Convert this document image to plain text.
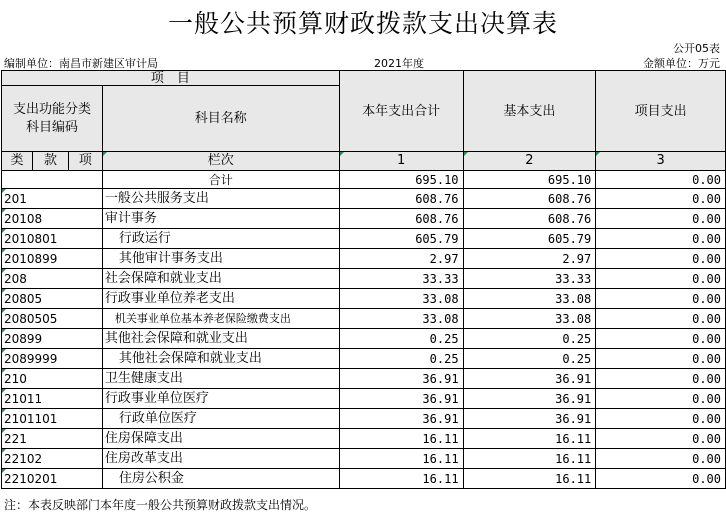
一般公共预算财政拨款支出决算表
公开05表
编制单位：南昌市新建区审计局	2021年度	金额单位：万元
项　目				本年支出合计	基本支出	项目支出
支出功能分类
科目编码			科目名称			
类	款	项				
			栏次	1	2	3
			合计	695.10	695.10	0.00
201			一般公共服务支出	608.76	608.76	0.00
20108			审计事务	608.76	608.76	0.00
2010801			行政运行	605.79	605.79	0.00
2010899			其他审计事务支出	2.97	2.97	0.00
208			社会保障和就业支出	33.33	33.33	0.00
20805			行政事业单位养老支出	33.08	33.08	0.00
2080505			机关事业单位基本养老保险缴费支出	33.08	33.08	0.00
20899			其他社会保障和就业支出	0.25	0.25	0.00
2089999			其他社会保障和就业支出	0.25	0.25	0.00
210			卫生健康支出	36.91	36.91	0.00
21011			行政事业单位医疗	36.91	36.91	0.00
2101101			行政单位医疗	36.91	36.91	0.00
221			住房保障支出	16.11	16.11	0.00
22102			住房改革支出	16.11	16.11	0.00
2210201			住房公积金	16.11	16.11	0.00
注：本表反映部门本年度一般公共预算财政拨款支出情况。
